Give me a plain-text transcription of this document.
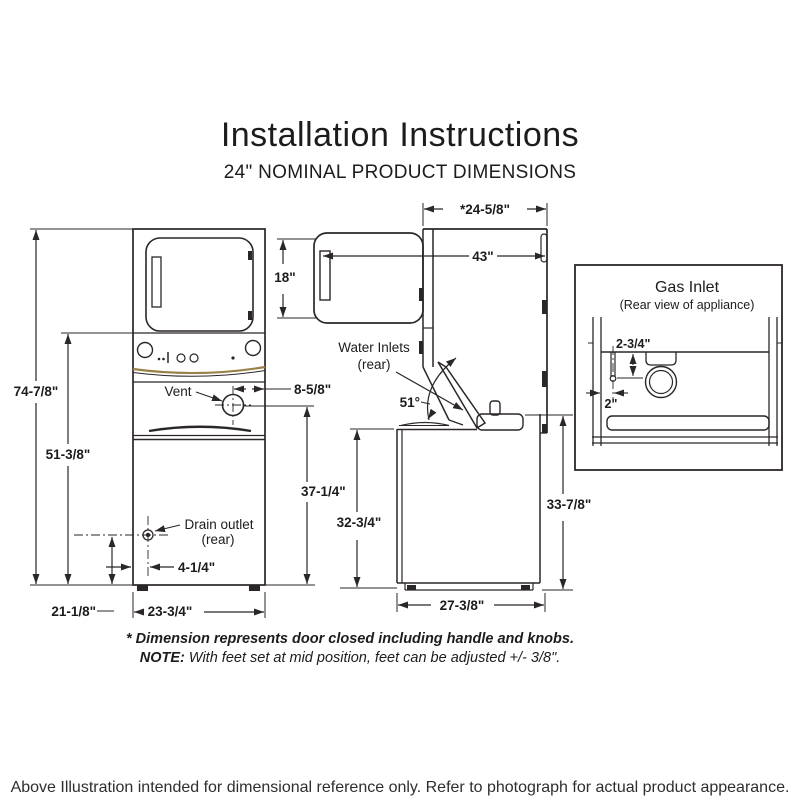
Installation Instructions
24" NOMINAL PRODUCT DIMENSIONS
74-7/8"
51-3/8"
21-1/8"
4-1/4"
Drain outlet
(rear)
Vent	8-5/8"
37-1/4"
23-3/4"
*24-5/8"
18"
43"
51°
Water Inlets
(rear)
32-3/4"
33-7/8"
27-3/8"
Gas Inlet
(Rear view of appliance)
2-3/4"
2"
* Dimension represents door closed including handle and knobs.
NOTE: With feet set at mid position, feet can be adjusted +/- 3/8".
Above Illustration intended for dimensional reference only. Refer to photograph for actual product appearance.
